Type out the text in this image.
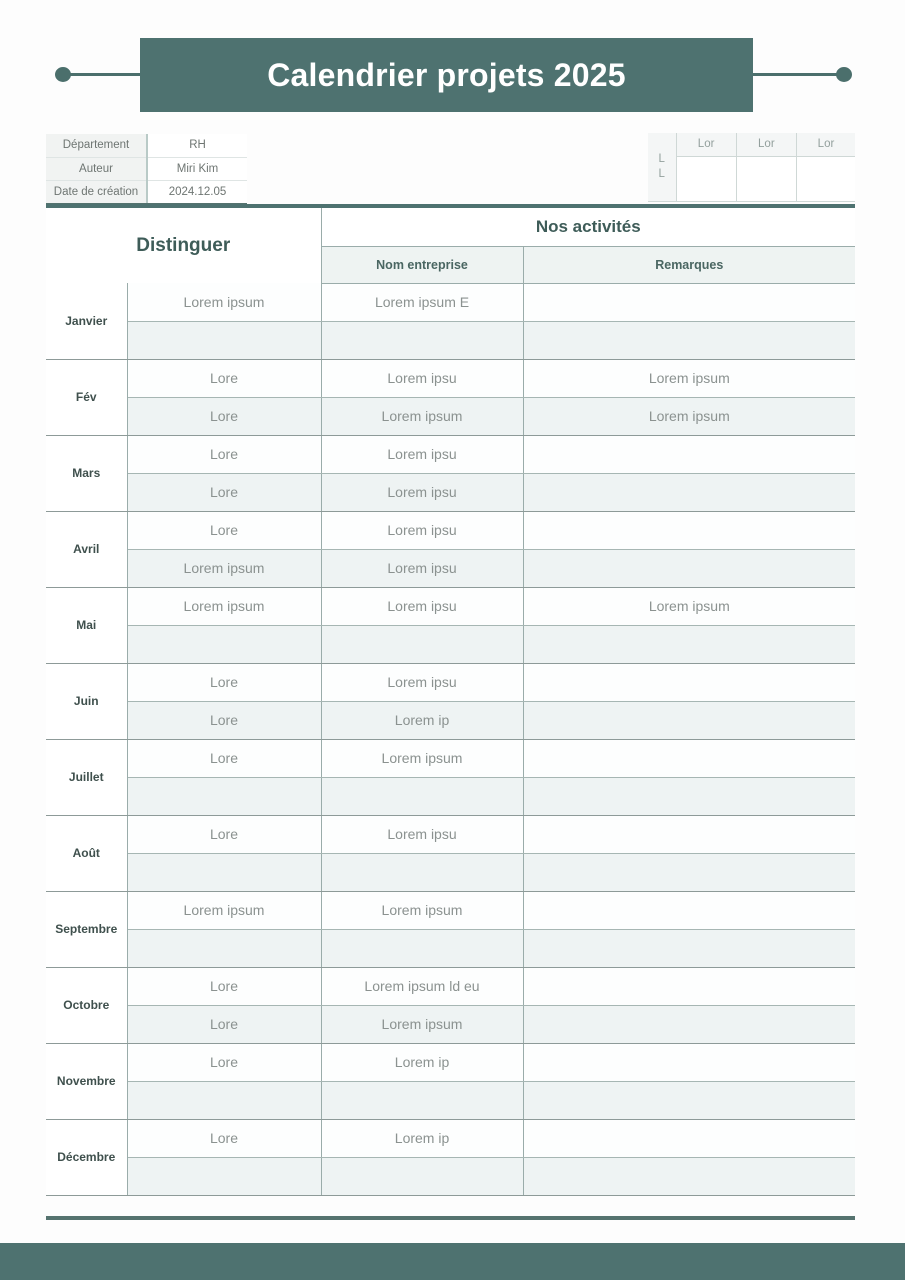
Calendrier projets 2025
Département	RH
Auteur	Miri Kim
Date de création	2024.12.05
L
L	Lor	Lor	Lor

Distinguer		Nos activités	
		Nom entreprise	Remarques
Janvier	Lorem ipsum	Lorem ipsum E	

Fév	Lore	Lorem ipsu	Lorem ipsum
	Lore	Lorem ipsum	Lorem ipsum
Mars	Lore	Lorem ipsu	
	Lore	Lorem ipsu	
Avril	Lore	Lorem ipsu	
	Lorem ipsum	Lorem ipsu	
Mai	Lorem ipsum	Lorem ipsu	Lorem ipsum

Juin	Lore	Lorem ipsu	
	Lore	Lorem ip	
Juillet	Lore	Lorem ipsum	

Août	Lore	Lorem ipsu	

Septembre	Lorem ipsum	Lorem ipsum	

Octobre	Lore	Lorem ipsum ld eu	
	Lore	Lorem ipsum	
Novembre	Lore	Lorem ip	

Décembre	Lore	Lorem ip	
